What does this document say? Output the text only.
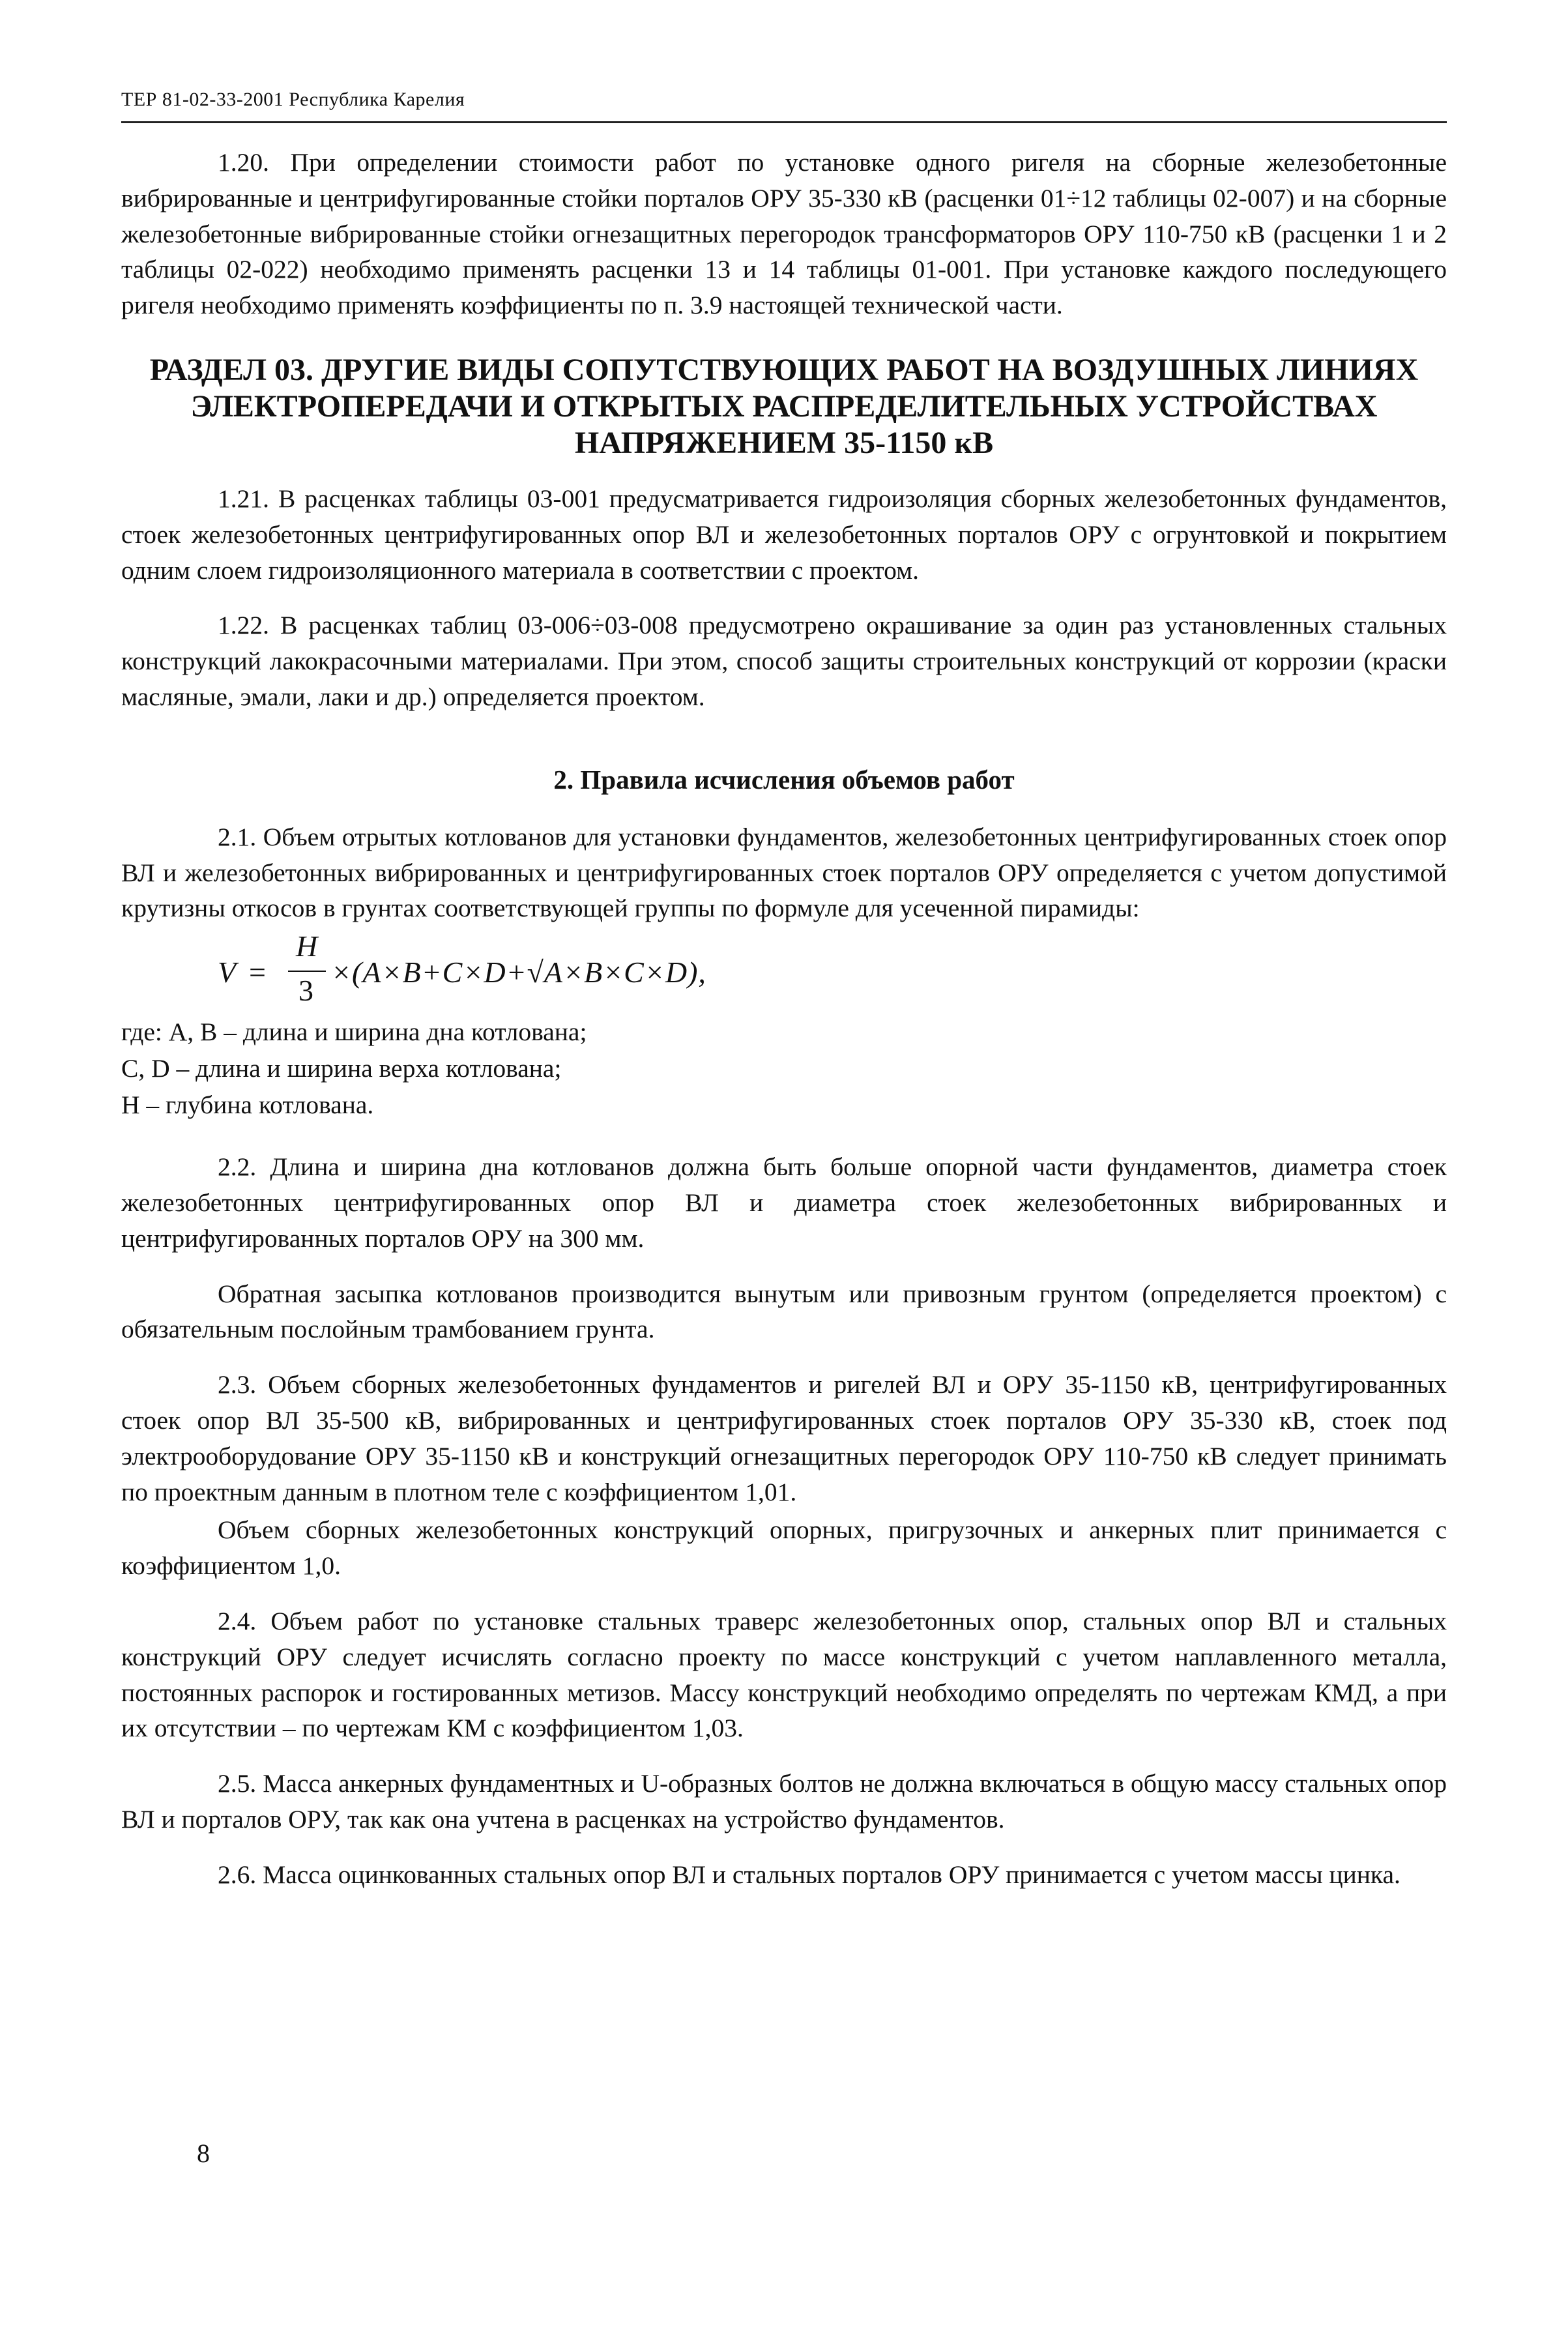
ТЕР 81-02-33-2001 Республика Карелия

1.20. При определении стоимости работ по установке одного ригеля на сборные железобетонные вибрированные и центрифугированные стойки порталов ОРУ 35-330 кВ (расценки 01÷12 таблицы 02-007) и на сборные железобетонные вибрированные стойки огнезащитных перегородок трансформаторов ОРУ 110-750 кВ (расценки 1 и 2 таблицы 02-022) необходимо применять расценки 13 и 14 таблицы 01-001. При установке каждого последующего ригеля необходимо применять коэффициенты по п. 3.9 настоящей технической части.

РАЗДЕЛ 03. ДРУГИЕ ВИДЫ СОПУТСТВУЮЩИХ РАБОТ НА ВОЗДУШНЫХ ЛИНИЯХ ЭЛЕКТРОПЕРЕДАЧИ И ОТКРЫТЫХ РАСПРЕДЕЛИТЕЛЬНЫХ УСТРОЙСТВАХ НАПРЯЖЕНИЕМ 35-1150 кВ

1.21. В расценках таблицы 03-001 предусматривается гидроизоляция сборных железобетонных фундаментов, стоек железобетонных центрифугированных опор ВЛ и железобетонных порталов ОРУ с огрунтовкой и покрытием одним слоем гидроизоляционного материала в соответствии с проектом.

1.22. В расценках таблиц 03-006÷03-008 предусмотрено окрашивание за один раз установленных стальных конструкций лакокрасочными материалами. При этом, способ защиты строительных конструкций от коррозии (краски масляные, эмали, лаки и др.) определяется проектом.

2. Правила исчисления объемов работ

2.1. Объем отрытых котлованов для установки фундаментов, железобетонных центрифугированных стоек опор ВЛ и железобетонных вибрированных и центрифугированных стоек порталов ОРУ определяется с учетом допустимой крутизны откосов в грунтах соответствующей группы по формуле для усеченной пирамиды:

V =
H
3
×(A×B+C×D+√A×B×C×D),
где: А, В – длина и ширина дна котлована;
С, D – длина и ширина верха котлована;
Н – глубина котлована.

2.2. Длина и ширина дна котлованов должна быть больше опорной части фундаментов, диаметра стоек железобетонных центрифугированных опор ВЛ и диаметра стоек железобетонных вибрированных и центрифугированных порталов ОРУ на 300 мм.

Обратная засыпка котлованов производится вынутым или привозным грунтом (определяется проектом) с обязательным послойным трамбованием грунта.

2.3. Объем сборных железобетонных фундаментов и ригелей ВЛ и ОРУ 35-1150 кВ, центрифугированных стоек опор ВЛ 35-500 кВ, вибрированных и центрифугированных стоек порталов ОРУ 35-330 кВ, стоек под электрооборудование ОРУ 35-1150 кВ и конструкций огнезащитных перегородок ОРУ 110-750 кВ следует принимать по проектным данным в плотном теле с коэффициентом 1,01.

Объем сборных железобетонных конструкций опорных, пригрузочных и анкерных плит принимается с коэффициентом 1,0.

2.4. Объем работ по установке стальных траверс железобетонных опор, стальных опор ВЛ и стальных конструкций ОРУ следует исчислять согласно проекту по массе конструкций с учетом наплавленного металла, постоянных распорок и гостированных метизов. Массу конструкций необходимо определять по чертежам КМД, а при их отсутствии – по чертежам КМ с коэффициентом 1,03.

2.5. Масса анкерных фундаментных и U-образных болтов не должна включаться в общую массу стальных опор ВЛ и порталов ОРУ, так как она учтена в расценках на устройство фундаментов.

2.6. Масса оцинкованных стальных опор ВЛ и стальных порталов ОРУ принимается с учетом массы цинка.

8
